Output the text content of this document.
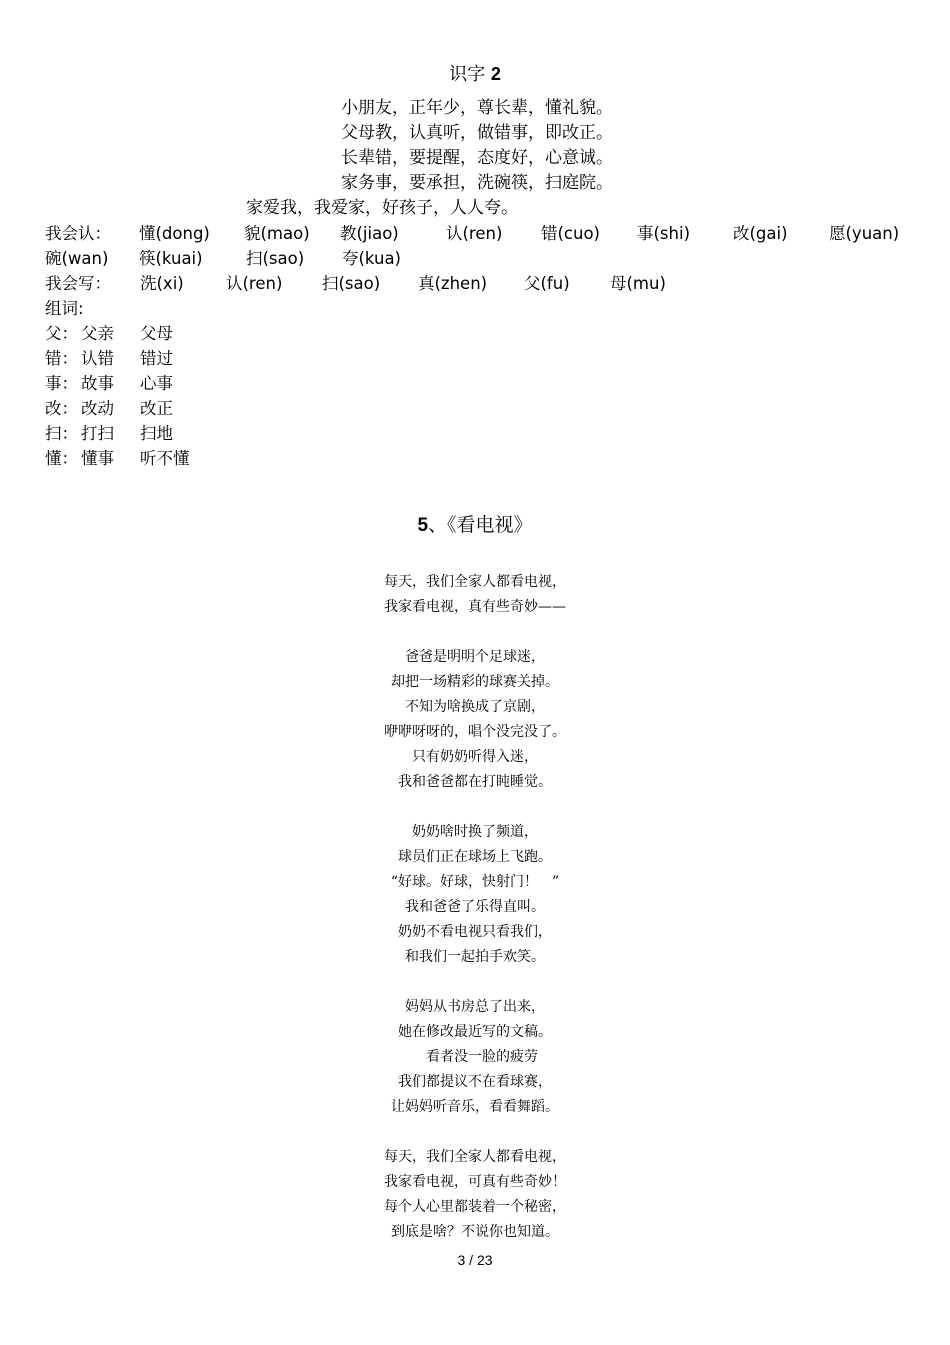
识字 2
小朋友，正年少，尊长辈，懂礼貌。
父母教，认真听，做错事，即改正。
长辈错，要提醒，态度好，心意诚。
家务事，要承担，洗碗筷，扫庭院。
家爱我，我爱家，好孩子，人人夸。
我会认： 懂(dong) 貌(mao) 教(jiao)	认(ren) 错(cuo) 事(shi)	改(gai)	愿(yuan)
碗(wan) 筷(kuai)	扫(sao) 夸(kua)
我会写： 洗(xi)	认(ren) 扫(sao) 真(zhen) 父(fu) 母(mu)
组词:
父： 父亲 父母
错： 认错 错过
事： 故事 心事
改： 改动 改正
扫： 打扫 扫地
懂： 懂事 听不懂
5、《看电视》
每天，我们全家人都看电视，
我家看电视，真有些奇妙——
爸爸是明明个足球迷，
却把一场精彩的球赛关掉。
不知为啥换成了京剧，
咿咿呀呀的，唱个没完没了。
只有奶奶听得入迷，
我和爸爸都在打盹睡觉。
奶奶啥时换了频道，
球员们正在球场上飞跑。
“好球。好球，快射门！　”
我和爸爸了乐得直叫。
奶奶不看电视只看我们，
和我们一起拍手欢笑。
妈妈从书房总了出来，
她在修改最近写的文稿。
　看者没一脸的疲劳
我们都提议不在看球赛，
让妈妈听音乐，看看舞蹈。
每天，我们全家人都看电视，
我家看电视，可真有些奇妙！
每个人心里都装着一个秘密，
到底是啥？不说你也知道。
3 / 23
